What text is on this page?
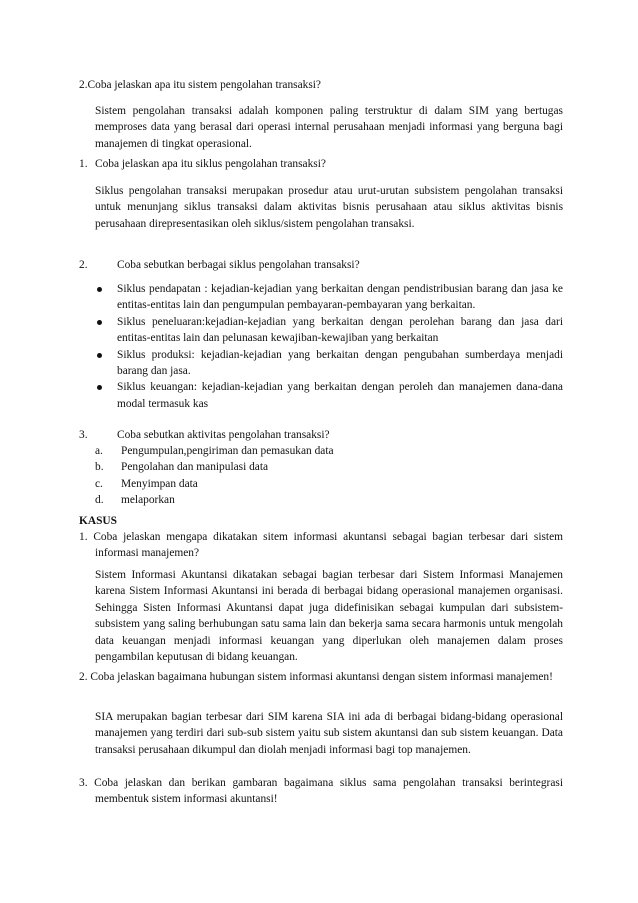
2.Coba jelaskan apa itu sistem pengolahan transaksi?

Sistem pengolahan transaksi adalah komponen paling terstruktur di dalam SIM yang bertugas memproses data yang berasal dari operasi internal perusahaan menjadi informasi yang berguna bagi manajemen di tingkat operasional.

1. Coba jelaskan apa itu siklus pengolahan transaksi?

Siklus pengolahan transaksi merupakan prosedur atau urut-urutan subsistem pengolahan transaksi untuk menunjang siklus transaksi dalam aktivitas bisnis perusahaan atau siklus aktivitas bisnis perusahaan direpresentasikan oleh siklus/sistem pengolahan transaksi.

2.	Coba sebutkan berbagai siklus pengolahan transaksi?

Siklus pendapatan : kejadian-kejadian yang berkaitan dengan pendistribusian barang dan jasa ke entitas-entitas lain dan pengumpulan pembayaran-pembayaran yang berkaitan.
Siklus peneluaran:kejadian-kejadian yang berkaitan dengan perolehan barang dan jasa dari entitas-entitas lain dan pelunasan kewajiban-kewajiban yang berkaitan
Siklus produksi: kejadian-kejadian yang berkaitan dengan pengubahan sumberdaya menjadi barang dan jasa.
Siklus keuangan: kejadian-kejadian yang berkaitan dengan peroleh dan manajemen dana-dana modal termasuk kas

3.	Coba sebutkan aktivitas pengolahan transaksi?

a. Pengumpulan,pengiriman dan pemasukan data
b. Pengolahan dan manipulasi data
c. Menyimpan data
d. melaporkan

KASUS

1. Coba jelaskan mengapa dikatakan sitem informasi akuntansi sebagai bagian terbesar dari sistem informasi manajemen?

Sistem Informasi Akuntansi dikatakan sebagai bagian terbesar dari Sistem Informasi Manajemen karena Sistem Informasi Akuntansi ini berada di berbagai bidang operasional manajemen organisasi. Sehingga Sisten Informasi Akuntansi dapat juga didefinisikan sebagai kumpulan dari subsistem-subsistem yang saling berhubungan satu sama lain dan bekerja sama secara harmonis untuk mengolah data keuangan menjadi informasi keuangan yang diperlukan oleh manajemen dalam proses pengambilan keputusan di bidang keuangan.

2. Coba jelaskan bagaimana hubungan sistem informasi akuntansi dengan sistem informasi manajemen!

SIA merupakan bagian terbesar dari SIM karena SIA ini ada di berbagai bidang-bidang operasional manajemen yang terdiri dari sub-sub sistem yaitu sub sistem akuntansi dan sub sistem keuangan. Data transaksi perusahaan dikumpul dan diolah menjadi informasi bagi top manajemen.

3. Coba jelaskan dan berikan gambaran bagaimana siklus sama pengolahan transaksi berintegrasi membentuk sistem informasi akuntansi!
